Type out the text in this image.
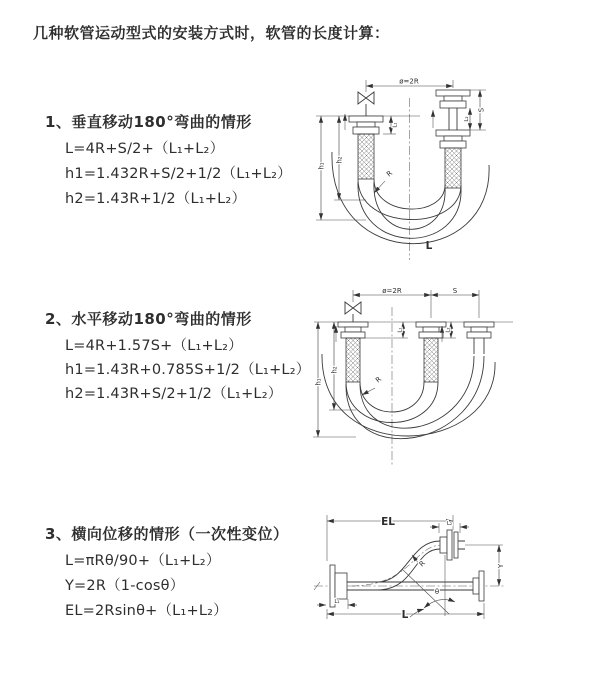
几种软管运动型式的安装方式时，软管的长度计算：
1、垂直移动180°弯曲的情形
L=4R+S/2+（L₁+L₂）
h1=1.432R+S/2+1/2（L₁+L₂）
h2=1.43R+1/2（L₁+L₂）
ø=2R
h₁
h₂
S
L₂
L₁
R
L
2、水平移动180°弯曲的情形
L=4R+1.57S+（L₁+L₂）
h1=1.43R+0.785S+1/2（L₁+L₂）
h2=1.43R+S/2+1/2（L₁+L₂）
ø=2R	S
L₁	L₂
h₁
h₂
R
3、横向位移的情形（一次性变位）
L=πRθ/90+（L₁+L₂）
Y=2R（1-cosθ）
EL=2Rsinθ+（L₁+L₂）
EL	L₂
Y
L
L₁
R
θ
